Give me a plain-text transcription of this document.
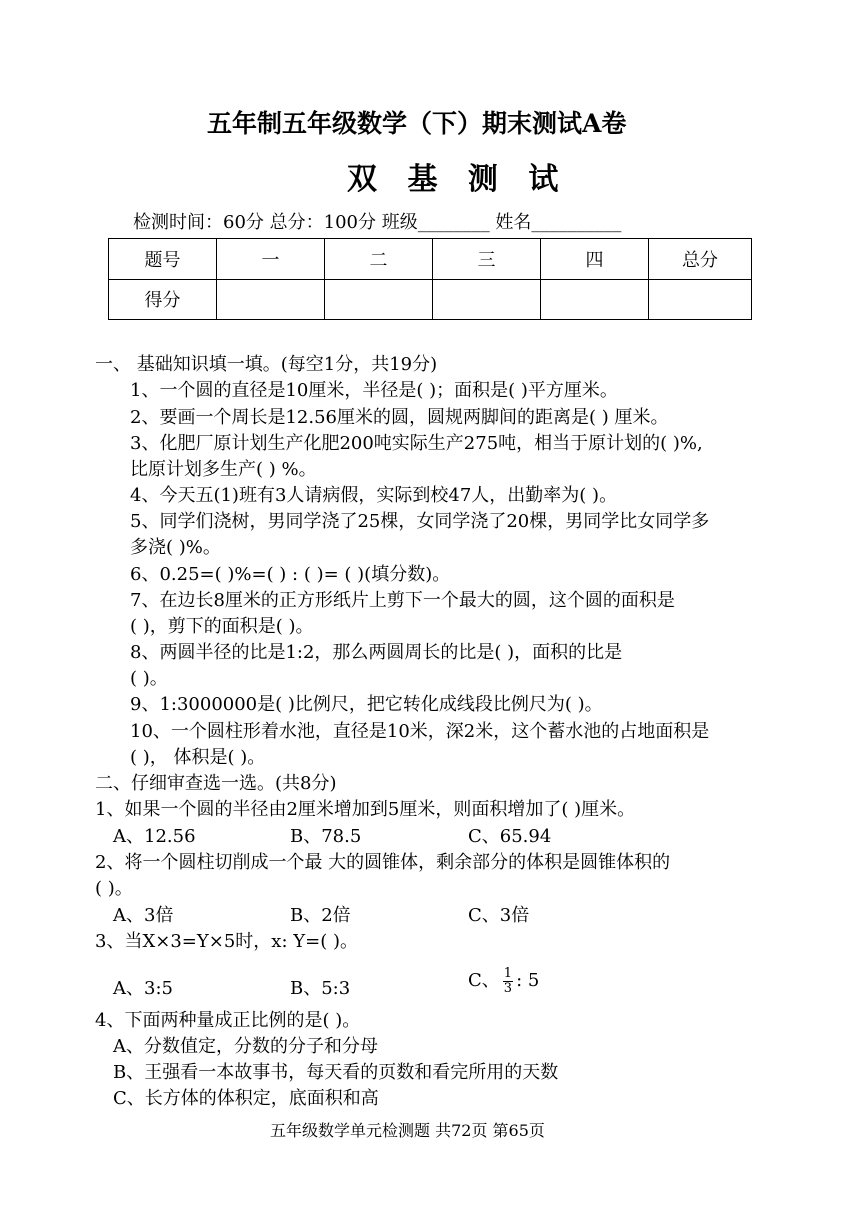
五年制五年级数学（下）期末测试A卷
双 基 测 试
检测时间：60分 总分：100分 班级________ 姓名__________
题号	一	二	三	四	总分
得分					
一、 基础知识填一填。(每空1分，共19分)
1、一个圆的直径是10厘米，半径是( )；面积是( )平方厘米。
2、要画一个周长是12.56厘米的圆，圆规两脚间的距离是( ) 厘米。
3、化肥厂原计划生产化肥200吨实际生产275吨，相当于原计划的( )%,
比原计划多生产( ) %。
4、今天五(1)班有3人请病假，实际到校47人，出勤率为( )。
5、同学们浇树，男同学浇了25棵，女同学浇了20棵，男同学比女同学多
多浇( )%。
6、0.25=( )%=( ) : ( )= ( )(填分数)。
7、在边长8厘米的正方形纸片上剪下一个最大的圆，这个圆的面积是
( )，剪下的面积是( )。
8、两圆半径的比是1:2，那么两圆周长的比是( )，面积的比是
( )。
9、1:3000000是( )比例尺，把它转化成线段比例尺为( )。
10、一个圆柱形着水池，直径是10米，深2米，这个蓄水池的占地面积是
( )， 体积是( )。
二、仔细审查选一选。(共8分)
1、如果一个圆的半径由2厘米增加到5厘米，则面积增加了( )厘米。
A、12.56	B、78.5	C、65.94
2、将一个圆柱切削成一个最 大的圆锥体，剩余部分的体积是圆锥体积的
( )。
A、3倍	B、2倍	C、3倍
3、当X×3=Y×5时，x: Y=( )。
A、3:5	B、5:3	C、 $\frac{1}{3}$ : 5
4、下面两种量成正比例的是( )。
A、分数值定，分数的分子和分母
B、王强看一本故事书，每天看的页数和看完所用的天数
C、长方体的体积定，底面积和高
五年级数学单元检测题 共72页 第65页
